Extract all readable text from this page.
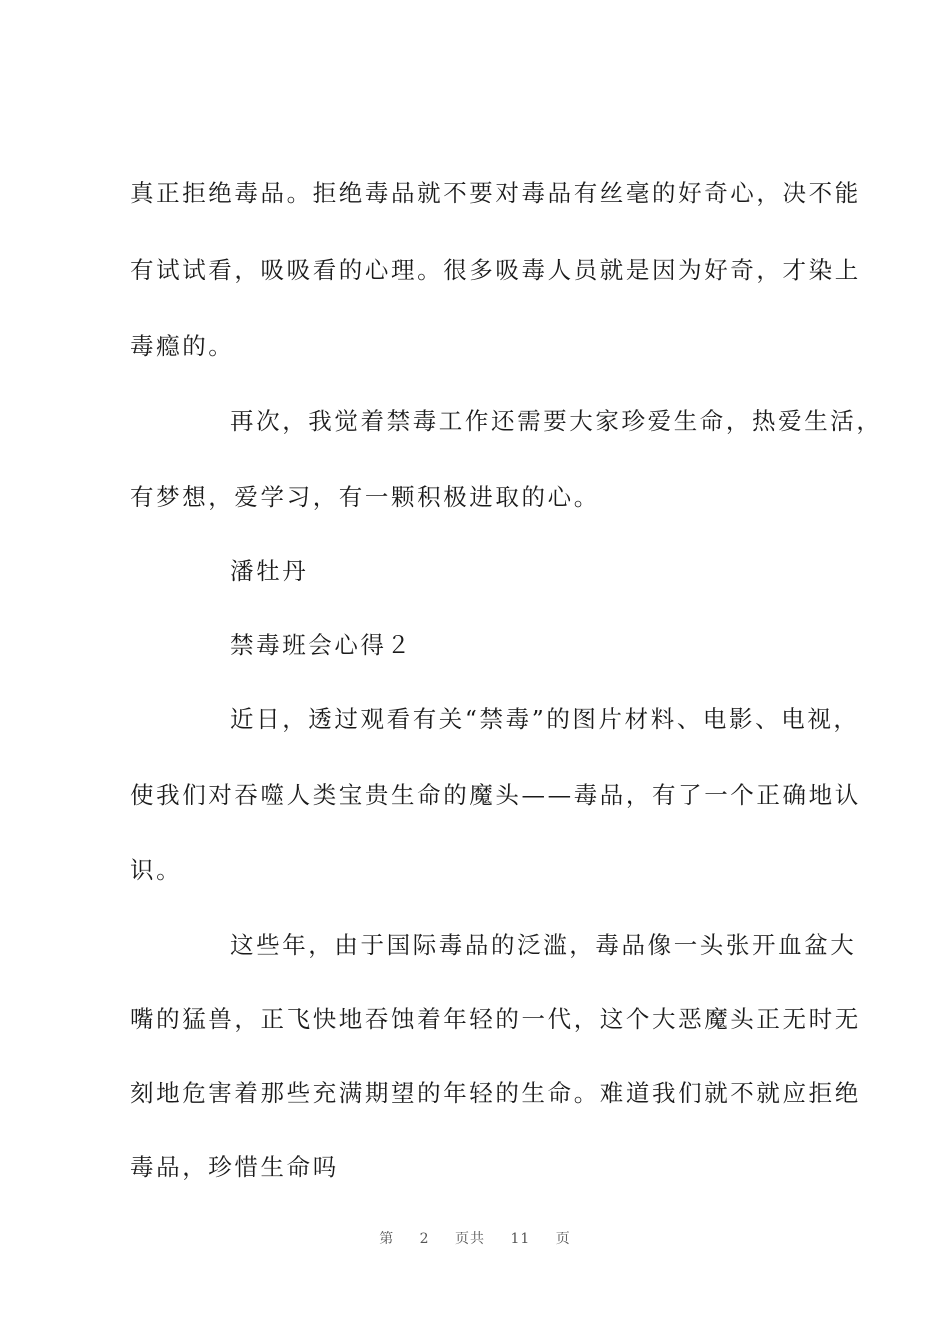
真正拒绝毒品。拒绝毒品就不要对毒品有丝毫的好奇心，决不能
有试试看，吸吸看的心理。很多吸毒人员就是因为好奇，才染上
毒瘾的。
再次，我觉着禁毒工作还需要大家珍爱生命，热爱生活，
有梦想，爱学习，有一颗积极进取的心。
潘牡丹
禁毒班会心得２
近日，透过观看有关“禁毒”的图片材料、电影、电视，
使我们对吞噬人类宝贵生命的魔头——毒品，有了一个正确地认
识。
这些年，由于国际毒品的泛滥，毒品像一头张开血盆大
嘴的猛兽，正飞快地吞蚀着年轻的一代，这个大恶魔头正无时无
刻地危害着那些充满期望的年轻的生命。难道我们就不就应拒绝
毒品，珍惜生命吗
第 2 页共 11 页
